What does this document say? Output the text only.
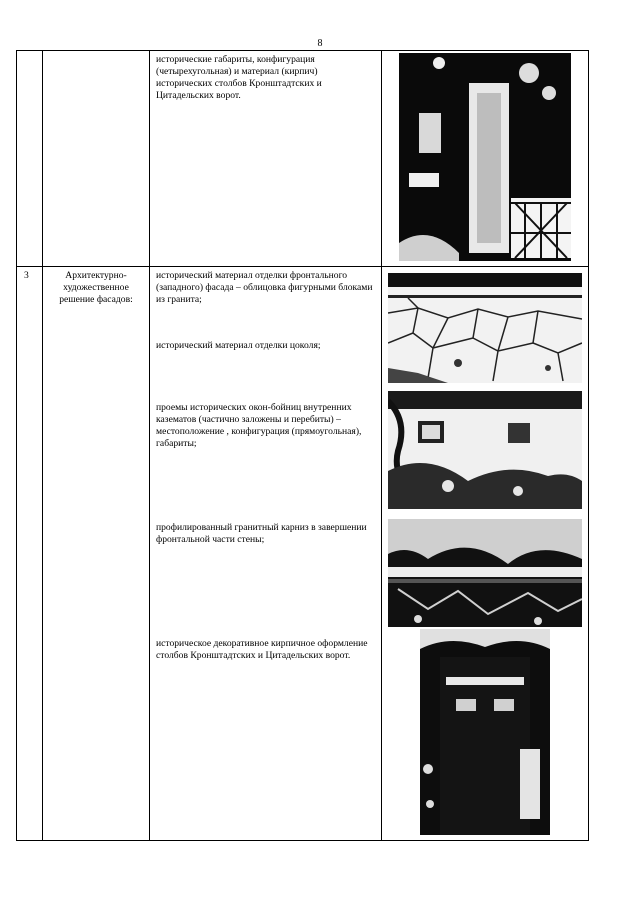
8

		исторические габариты, конфигурация (четырехугольная) и материал (кирпич) исторических столбов Кронштадтских и Цитадельских ворот.

3	Архитектурно-художественное решение фасадов:	исторический материал отделки фронтального (западного) фасада – облицовка фигурными блоками из гранита;
исторический материал отделки цоколя;
проемы исторических окон-бойниц внутренних казематов (частично заложены и перебиты) – местоположение , конфигурация (прямоугольная), габариты;
профилированный гранитный карниз в завершении фронтальной части стены;
историческое декоративное кирпичное оформление столбов Кронштадтских и Цитадельских ворот.
